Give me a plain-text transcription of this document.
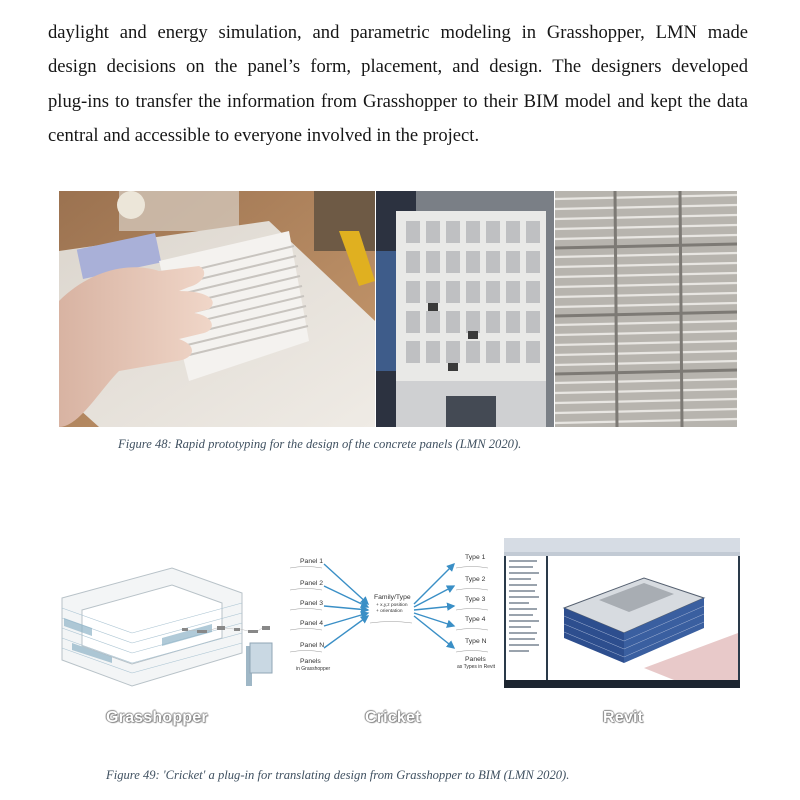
daylight and energy simulation, and parametric modeling in Grasshopper, LMN made
design decisions on the panel’s form, placement, and design. The designers developed
plug-ins to transfer the information from Grasshopper to their BIM model and kept the data
central and accessible to everyone involved in the project.
Figure 48: Rapid prototyping for the design of the concrete panels (LMN 2020).
Grasshopper
Panel 1
Panel 2
Panel 3
Panel 4
Panel N
Panels
in Grasshopper
Family/Type
+ x,y,z position
+ orientation
Type 1
Type 2
Type 3
Type 4
Type N
Panels
as Types in Revit
Cricket	Revit
Figure 49: 'Cricket' a plug-in for translating design from Grasshopper to BIM (LMN 2020).
